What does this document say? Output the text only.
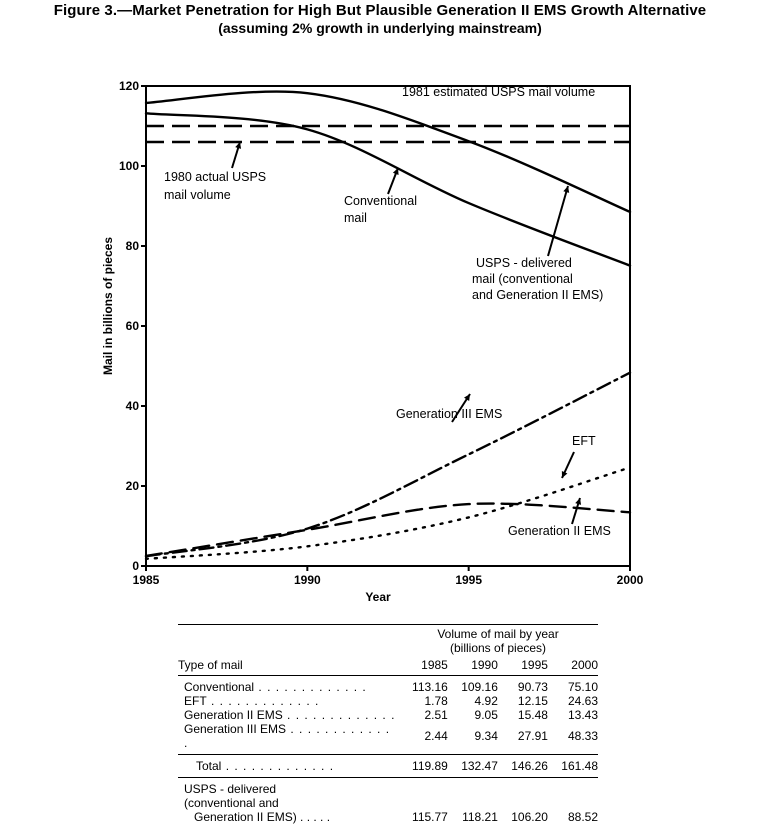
Figure 3.—Market Penetration for High But Plausible Generation II EMS Growth Alternative
(assuming 2% growth in underlying mainstream)
0
20
40
60
80
100
120
1985	1990	1995	2000
Year
Mail in billions of pieces
1981 estimated USPS mail volume
1980 actual USPS
mail volume	Conventional
mail
USPS - delivered
mail (conventional
and Generation II EMS)
Generation III EMS
EFT
Generation II EMS

	Volume of mail by year
(billions of pieces)			

Type of mail	1985	1990	1995	2000

Conventional . . .	113.16	109.16	90.73	75.10
EFT . . .	1.78	4.92	12.15	24.63
Generation II EMS . . .	2.51	9.05	15.48	13.43
Generation III EMS . . .	2.44	9.34	27.91	48.33

Total . . .	119.89	132.47	146.26	161.48

USPS - delivered
(conventional and
Generation II EMS) . . . . .	115.77	118.21	106.20	88.52
